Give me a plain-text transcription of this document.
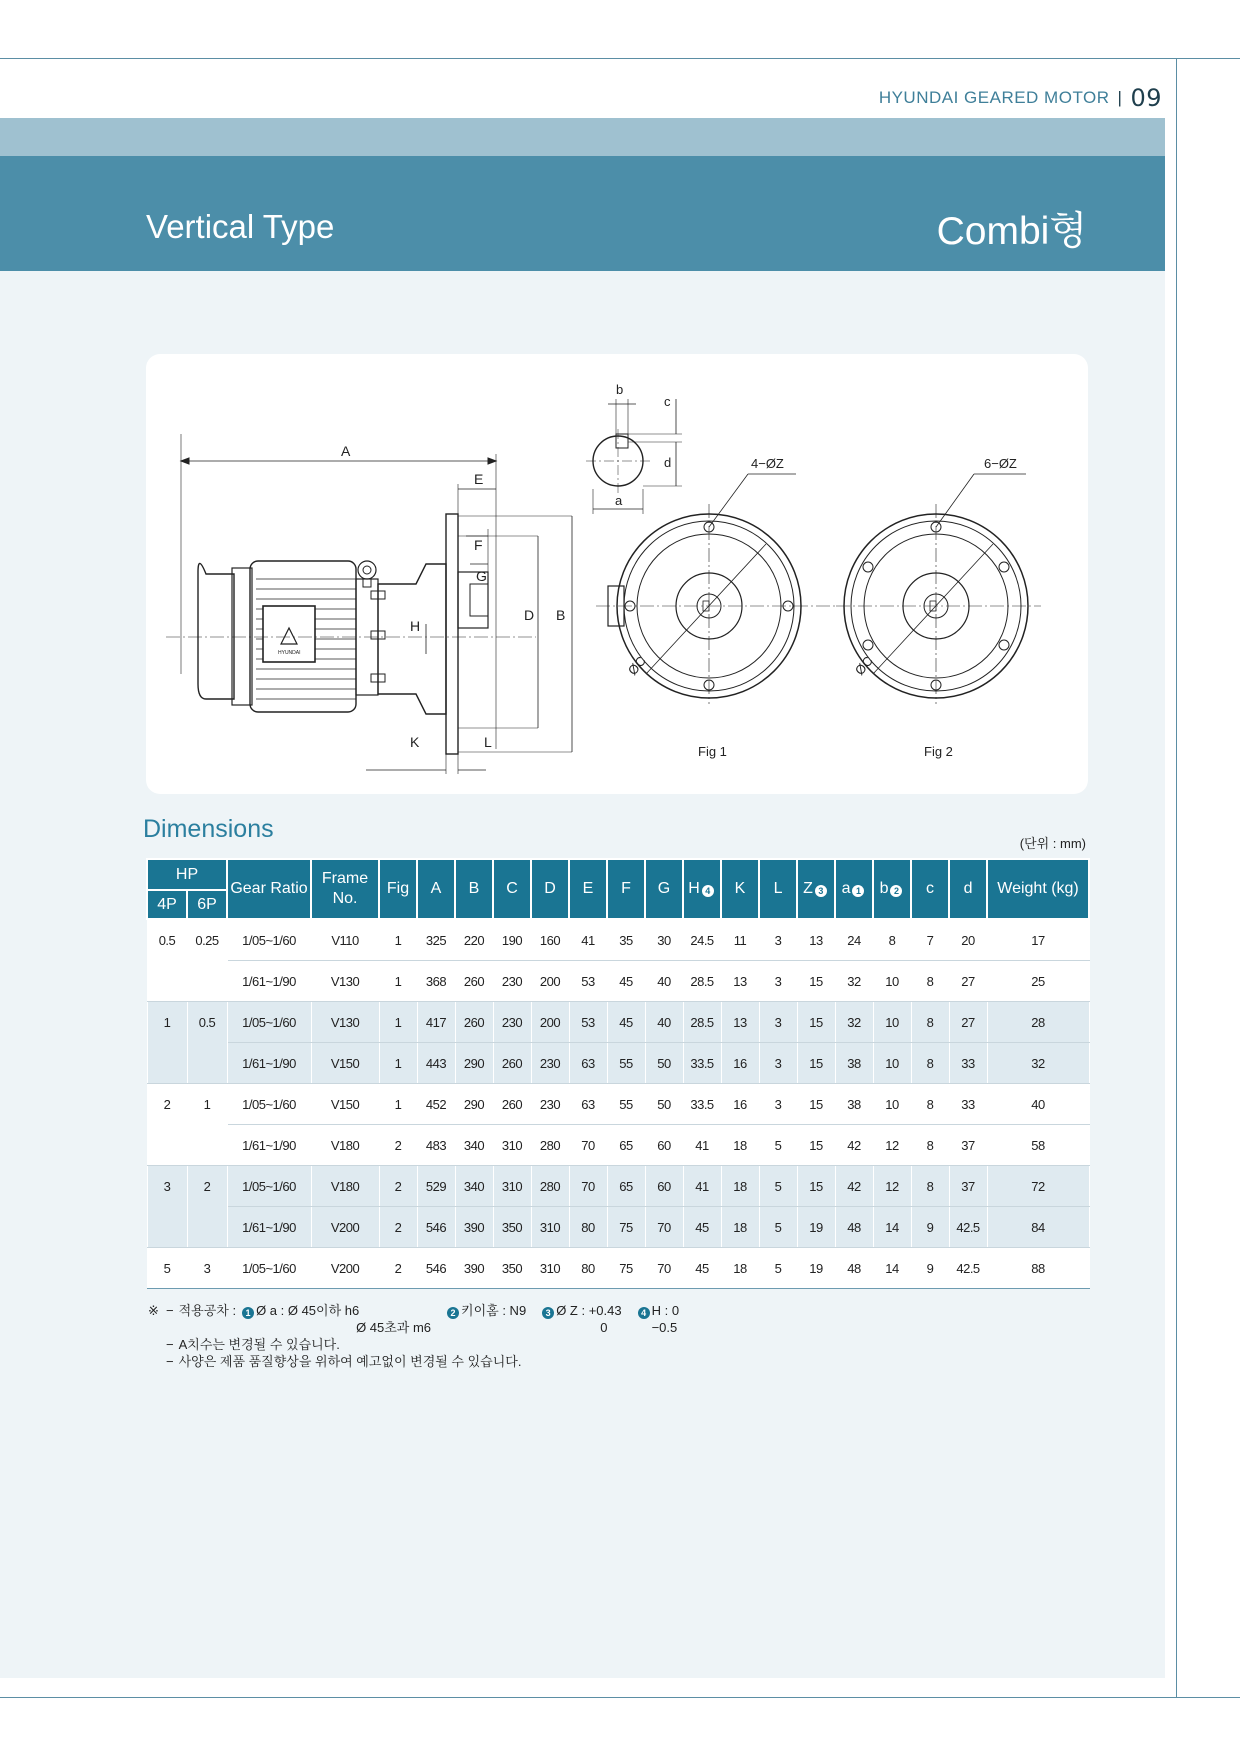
HYUNDAI GEARED MOTOR | 09
Vertical Type	Combi형
HYUNDAI
A
E
F
G
D B
H
K	L
b
c
d
a
4−ØZ
ØC
Fig 1
6−ØZ
ØC
Fig 2
Dimensions
(단위 : mm)
HP		Gear Ratio	Frame No.	Fig	A	B	C	D	E	F	G	H 4	K	L	Z 3	a 1	b 2	c	d	Weight (kg)
4P	6P																			
0.5	0.25	1/05~1/60	V110	1	325	220	190	160	41	35	30	24.5	11	3	13	24	8	7	20	17
		1/61~1/90	V130	1	368	260	230	200	53	45	40	28.5	13	3	15	32	10	8	27	25
1	0.5	1/05~1/60	V130	1	417	260	230	200	53	45	40	28.5	13	3	15	32	10	8	27	28
		1/61~1/90	V150	1	443	290	260	230	63	55	50	33.5	16	3	15	38	10	8	33	32
2	1	1/05~1/60	V150	1	452	290	260	230	63	55	50	33.5	16	3	15	38	10	8	33	40
		1/61~1/90	V180	2	483	340	310	280	70	65	60	41	18	5	15	42	12	8	37	58
3	2	1/05~1/60	V180	2	529	340	310	280	70	65	60	41	18	5	15	42	12	8	37	72
		1/61~1/90	V200	2	546	390	350	310	80	75	70	45	18	5	19	48	14	9	42.5	84
5	3	1/05~1/60	V200	2	546	390	350	310	80	75	70	45	18	5	19	48	14	9	42.5	88
※ − 적용공차 :	1 Ø a : Ø 45이하 h6
Ø 45초과 m6
2 키이홈 : N9	3 Ø Z : +0.43
0
4 H : 0
−0.5
− A치수는 변경될 수 있습니다.
− 사양은 제품 품질향상을 위하여 예고없이 변경될 수 있습니다.
